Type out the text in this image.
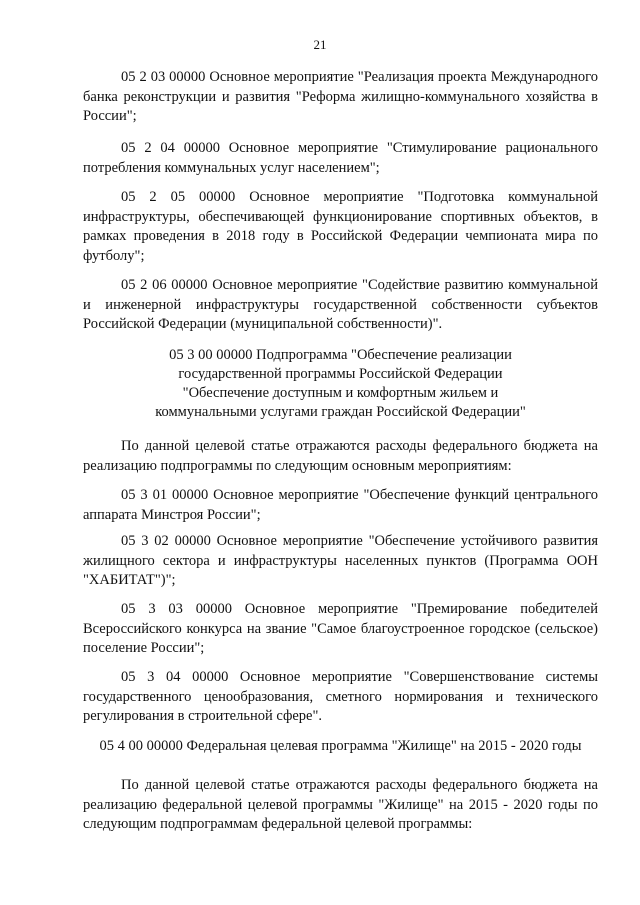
21

05 2 03 00000 Основное мероприятие "Реализация проекта Международного банка реконструкции и развития "Реформа жилищно-коммунального хозяйства в России";

05 2 04 00000 Основное мероприятие "Стимулирование рационального потребления коммунальных услуг населением";

05 2 05 00000 Основное мероприятие "Подготовка коммунальной инфраструктуры, обеспечивающей функционирование спортивных объектов, в рамках проведения в 2018 году в Российской Федерации чемпионата мира по футболу";

05 2 06 00000 Основное мероприятие "Содействие развитию коммунальной и инженерной инфраструктуры государственной собственности субъектов Российской Федерации (муниципальной собственности)".

05 3 00 00000 Подпрограмма "Обеспечение реализации
государственной программы Российской Федерации
"Обеспечение доступным и комфортным жильем и
коммунальными услугами граждан Российской Федерации"

По данной целевой статье отражаются расходы федерального бюджета на реализацию подпрограммы по следующим основным мероприятиям:

05 3 01 00000 Основное мероприятие "Обеспечение функций центрального аппарата Минстроя России";

05 3 02 00000 Основное мероприятие "Обеспечение устойчивого развития жилищного сектора и инфраструктуры населенных пунктов (Программа ООН "ХАБИТАТ")";

05 3 03 00000 Основное мероприятие "Премирование победителей Всероссийского конкурса на звание "Самое благоустроенное городское (сельское) поселение России";

05 3 04 00000 Основное мероприятие "Совершенствование системы государственного ценообразования, сметного нормирования и технического регулирования в строительной сфере".

05 4 00 00000 Федеральная целевая программа "Жилище" на 2015 - 2020 годы

По данной целевой статье отражаются расходы федерального бюджета на реализацию федеральной целевой программы "Жилище" на 2015 - 2020 годы по следующим подпрограммам федеральной целевой программы:
